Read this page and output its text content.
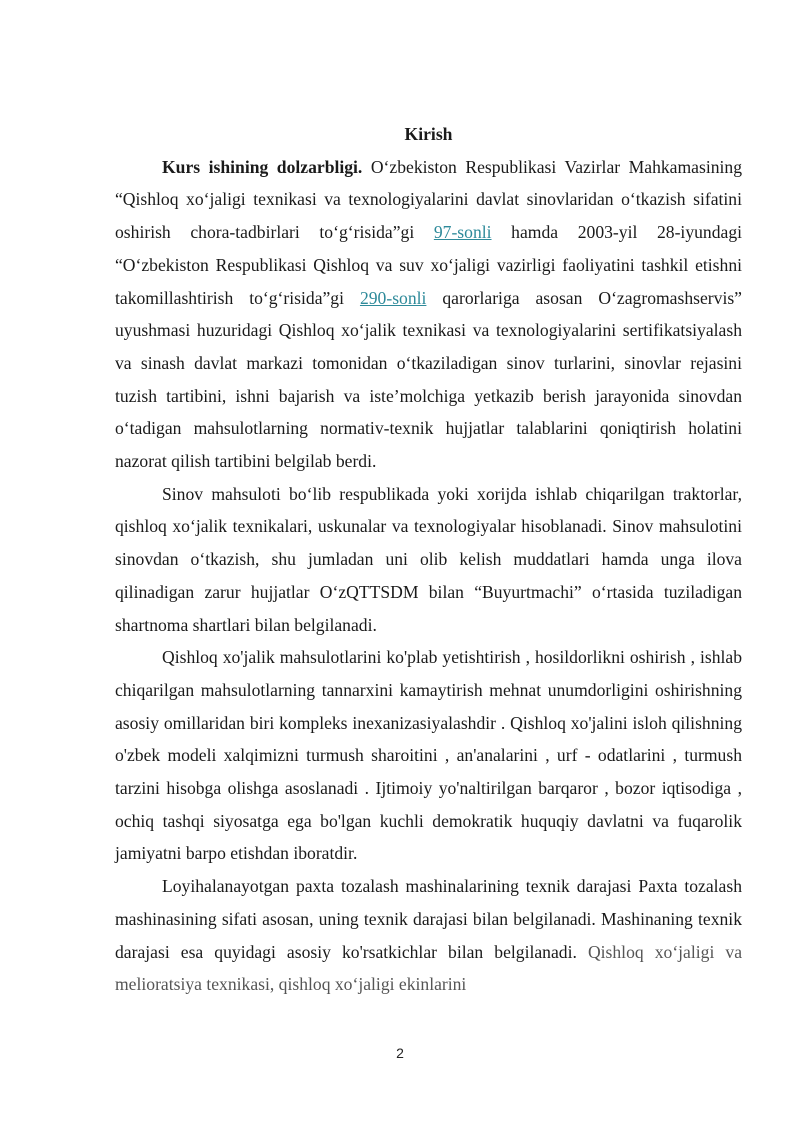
Kirish

Kurs ishining dolzarbligi. O‘zbekiston Respublikasi Vazirlar Mahkamasining “Qishloq xo‘jaligi texnikasi va texnologiyalarini davlat sinovlaridan o‘tkazish sifatini oshirish chora-tadbirlari to‘g‘risida”gi 97-sonli hamda 2003-yil 28-iyundagi “O‘zbekiston Respublikasi Qishloq va suv xo‘jaligi vazirligi faoliyatini tashkil etishni takomillashtirish to‘g‘risida”gi 290-sonli qarorlariga asosan O‘zagromashservis” uyushmasi huzuridagi Qishloq xo‘jalik texnikasi va texnologiyalarini sertifikatsiyalash va sinash davlat markazi tomonidan o‘tkaziladigan sinov turlarini, sinovlar rejasini tuzish tartibini, ishni bajarish va iste’molchiga yetkazib berish jarayonida sinovdan o‘tadigan mahsulotlarning normativ-texnik hujjatlar talablarini qoniqtirish holatini nazorat qilish tartibini belgilab berdi.

Sinov mahsuloti bo‘lib respublikada yoki xorijda ishlab chiqarilgan traktorlar, qishloq xo‘jalik texnikalari, uskunalar va texnologiyalar hisoblanadi. Sinov mahsulotini sinovdan o‘tkazish, shu jumladan uni olib kelish muddatlari hamda unga ilova qilinadigan zarur hujjatlar O‘zQTTSDM bilan “Buyurtmachi” o‘rtasida tuziladigan shartnoma shartlari bilan belgilanadi.

Qishloq xo'jalik mahsulotlarini ko'plab yetishtirish , hosildorlikni oshirish , ishlab chiqarilgan mahsulotlarning tannarxini kamaytirish mehnat unumdorligini oshirishning asosiy omillaridan biri kompleks inexanizasiyalashdir . Qishloq xo'jalini isloh qilishning o'zbek modeli xalqimizni turmush sharoitini , an'analarini , urf - odatlarini , turmush tarzini hisobga olishga asoslanadi . Ijtimoiy yo'naltirilgan barqaror , bozor iqtisodiga , ochiq tashqi siyosatga ega bo'lgan kuchli demokratik huquqiy davlatni va fuqarolik jamiyatni barpo etishdan iboratdir.

Loyihalanayotgan paxta tozalash mashinalarining texnik darajasi Paxta tozalash mashinasining sifati asosan, uning texnik darajasi bilan belgilanadi. Mashinaning texnik darajasi esa quyidagi asosiy ko'rsatkichlar bilan belgilanadi. Qishloq xo‘jaligi va melioratsiya texnikasi, qishloq xo‘jaligi ekinlarini

2
